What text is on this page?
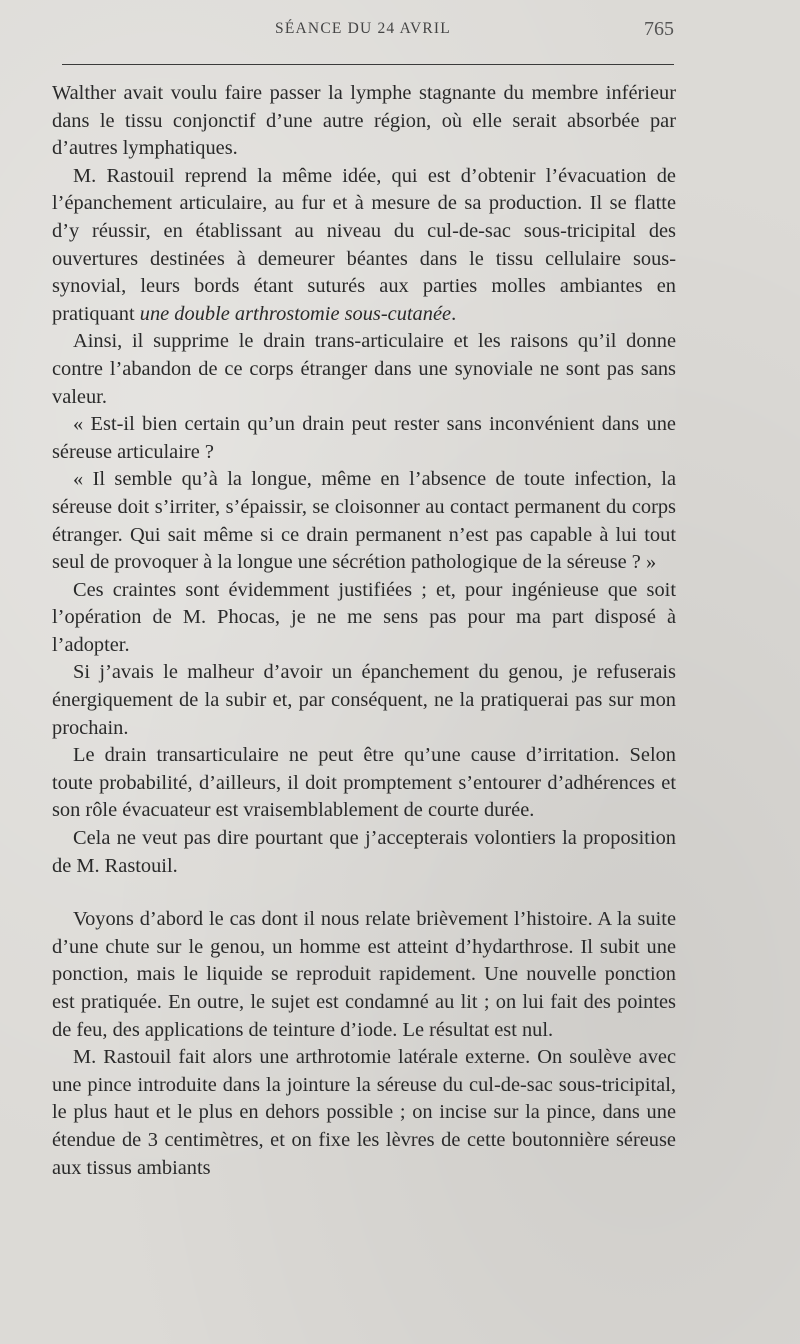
SÉANCE DU 24 AVRIL	765

Walther avait voulu faire passer la lymphe stagnante du membre inférieur dans le tissu conjonctif d’une autre région, où elle serait absorbée par d’autres lymphatiques.

M. Rastouil reprend la même idée, qui est d’obtenir l’évacuation de l’épanchement articulaire, au fur et à mesure de sa production. Il se flatte d’y réussir, en établissant au niveau du cul-de-sac sous-tricipital des ouvertures destinées à demeurer béantes dans le tissu cellulaire sous-synovial, leurs bords étant suturés aux parties molles ambiantes en pratiquant une double arthrostomie sous-cutanée.

Ainsi, il supprime le drain trans-articulaire et les raisons qu’il donne contre l’abandon de ce corps étranger dans une synoviale ne sont pas sans valeur.

« Est-il bien certain qu’un drain peut rester sans inconvénient dans une séreuse articulaire ?

« Il semble qu’à la longue, même en l’absence de toute infection, la séreuse doit s’irriter, s’épaissir, se cloisonner au contact permanent du corps étranger. Qui sait même si ce drain permanent n’est pas capable à lui tout seul de provoquer à la longue une sécrétion pathologique de la séreuse ? »

Ces craintes sont évidemment justifiées ; et, pour ingénieuse que soit l’opération de M. Phocas, je ne me sens pas pour ma part disposé à l’adopter.

Si j’avais le malheur d’avoir un épanchement du genou, je refuserais énergiquement de la subir et, par conséquent, ne la pratiquerai pas sur mon prochain.

Le drain transarticulaire ne peut être qu’une cause d’irritation. Selon toute probabilité, d’ailleurs, il doit promptement s’entourer d’adhérences et son rôle évacuateur est vraisemblablement de courte durée.

Cela ne veut pas dire pourtant que j’accepterais volontiers la proposition de M. Rastouil.

Voyons d’abord le cas dont il nous relate brièvement l’histoire. A la suite d’une chute sur le genou, un homme est atteint d’hydarthrose. Il subit une ponction, mais le liquide se reproduit rapidement. Une nouvelle ponction est pratiquée. En outre, le sujet est condamné au lit ; on lui fait des pointes de feu, des applications de teinture d’iode. Le résultat est nul.

M. Rastouil fait alors une arthrotomie latérale externe. On soulève avec une pince introduite dans la jointure la séreuse du cul-de-sac sous-tricipital, le plus haut et le plus en dehors possible ; on incise sur la pince, dans une étendue de 3 centimètres, et on fixe les lèvres de cette boutonnière séreuse aux tissus ambiants
